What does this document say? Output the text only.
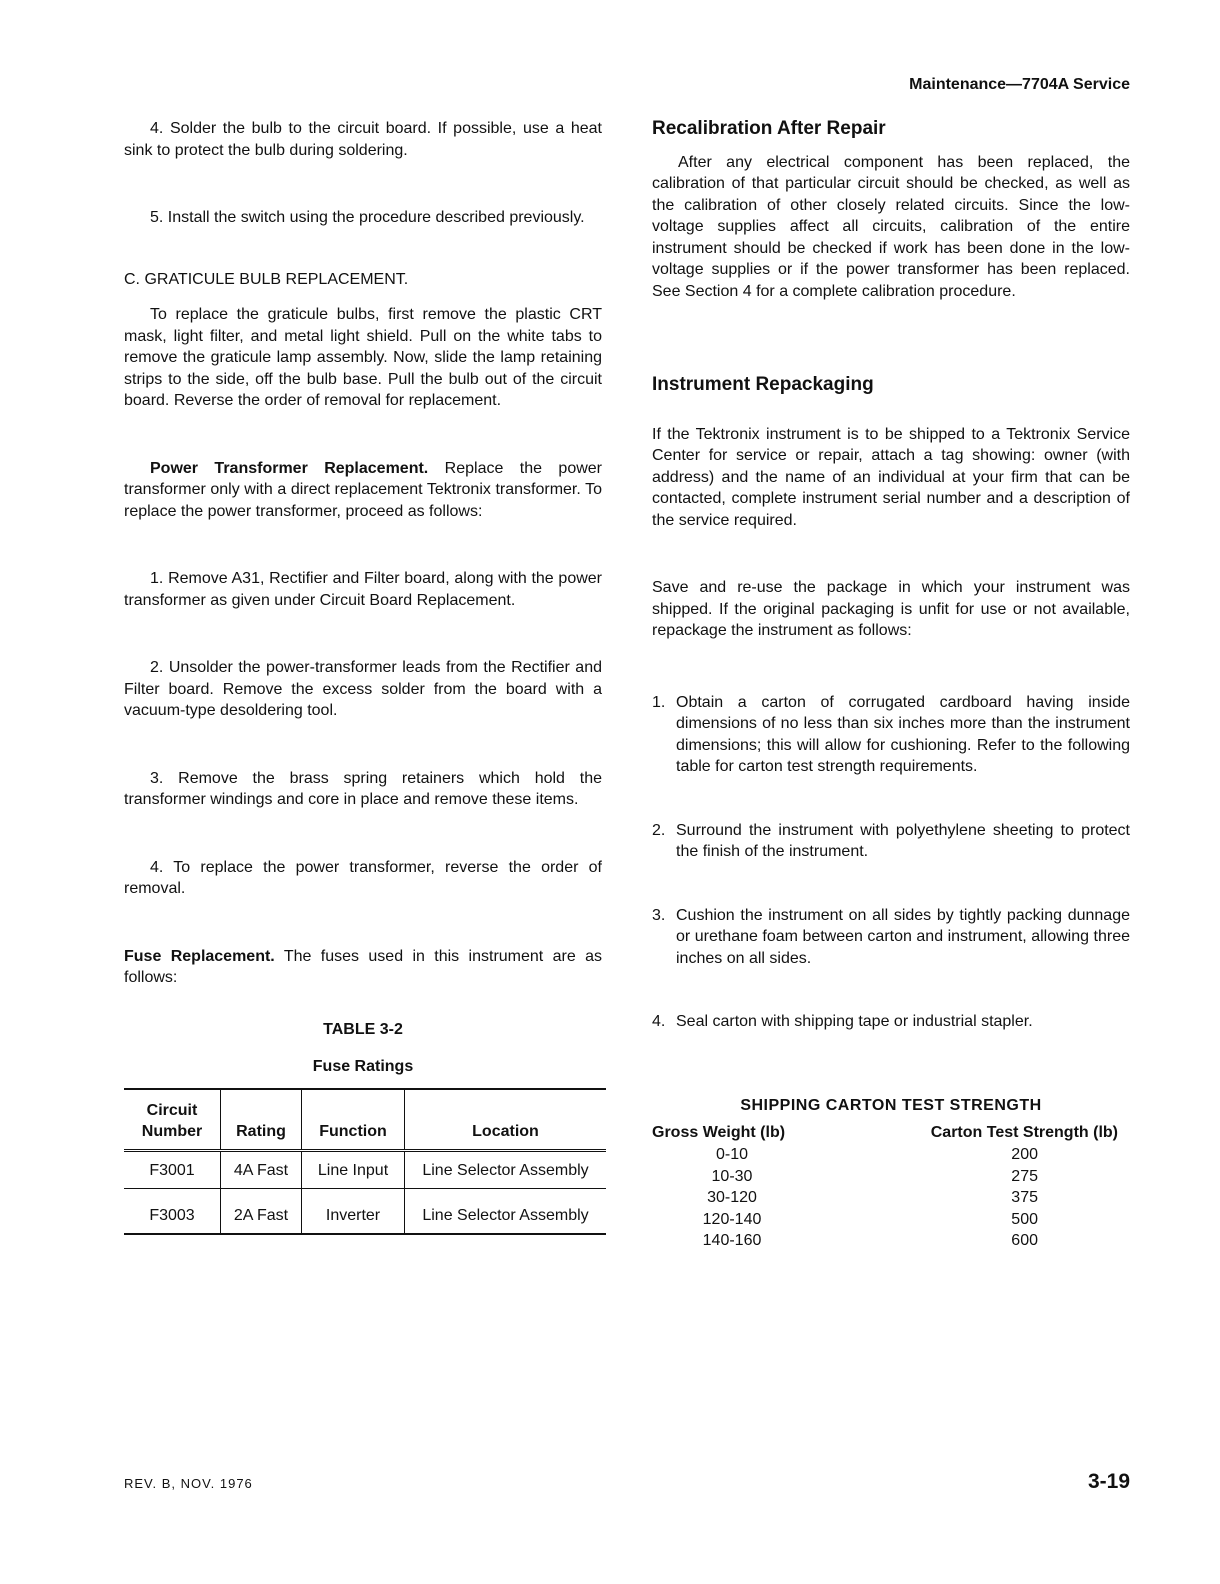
Maintenance—7704A Service

4. Solder the bulb to the circuit board. If possible, use a heat sink to protect the bulb during soldering.

5. Install the switch using the procedure described previously.

C. GRATICULE BULB REPLACEMENT.

To replace the graticule bulbs, first remove the plastic CRT mask, light filter, and metal light shield. Pull on the white tabs to remove the graticule lamp assembly. Now, slide the lamp retaining strips to the side, off the bulb base. Pull the bulb out of the circuit board. Reverse the order of removal for replacement.

Power Transformer Replacement. Replace the power transformer only with a direct replacement Tektronix transformer. To replace the power transformer, proceed as follows:

1. Remove A31, Rectifier and Filter board, along with the power transformer as given under Circuit Board Replacement.

2. Unsolder the power-transformer leads from the Rectifier and Filter board. Remove the excess solder from the board with a vacuum-type desoldering tool.

3. Remove the brass spring retainers which hold the transformer windings and core in place and remove these items.

4. To replace the power transformer, reverse the order of removal.

Fuse Replacement. The fuses used in this instrument are as follows:

TABLE 3-2
Fuse Ratings
Circuit Number	Rating	Function	Location
F3001	4A Fast	Line Input	Line Selector Assembly
F3003	2A Fast	Inverter	Line Selector Assembly
Recalibration After Repair

After any electrical component has been replaced, the calibration of that particular circuit should be checked, as well as the calibration of other closely related circuits. Since the low-voltage supplies affect all circuits, calibration of the entire instrument should be checked if work has been done in the low-voltage supplies or if the power transformer has been replaced. See Section 4 for a complete calibration procedure.

Instrument Repackaging

If the Tektronix instrument is to be shipped to a Tektronix Service Center for service or repair, attach a tag showing: owner (with address) and the name of an individual at your firm that can be contacted, complete instrument serial number and a description of the service required.

Save and re-use the package in which your instrument was shipped. If the original packaging is unfit for use or not available, repackage the instrument as follows:

1. Obtain a carton of corrugated cardboard having inside dimensions of no less than six inches more than the instrument dimensions; this will allow for cushioning. Refer to the following table for carton test strength requirements.
2. Surround the instrument with polyethylene sheeting to protect the finish of the instrument.
3. Cushion the instrument on all sides by tightly packing dunnage or urethane foam between carton and instrument, allowing three inches on all sides.
4. Seal carton with shipping tape or industrial stapler.
SHIPPING CARTON TEST STRENGTH
Gross Weight (lb)	Carton Test Strength (lb)
0-10	200
10-30	275
30-120	375
120-140	500
140-160	600
REV. B, NOV. 1976	3-19
